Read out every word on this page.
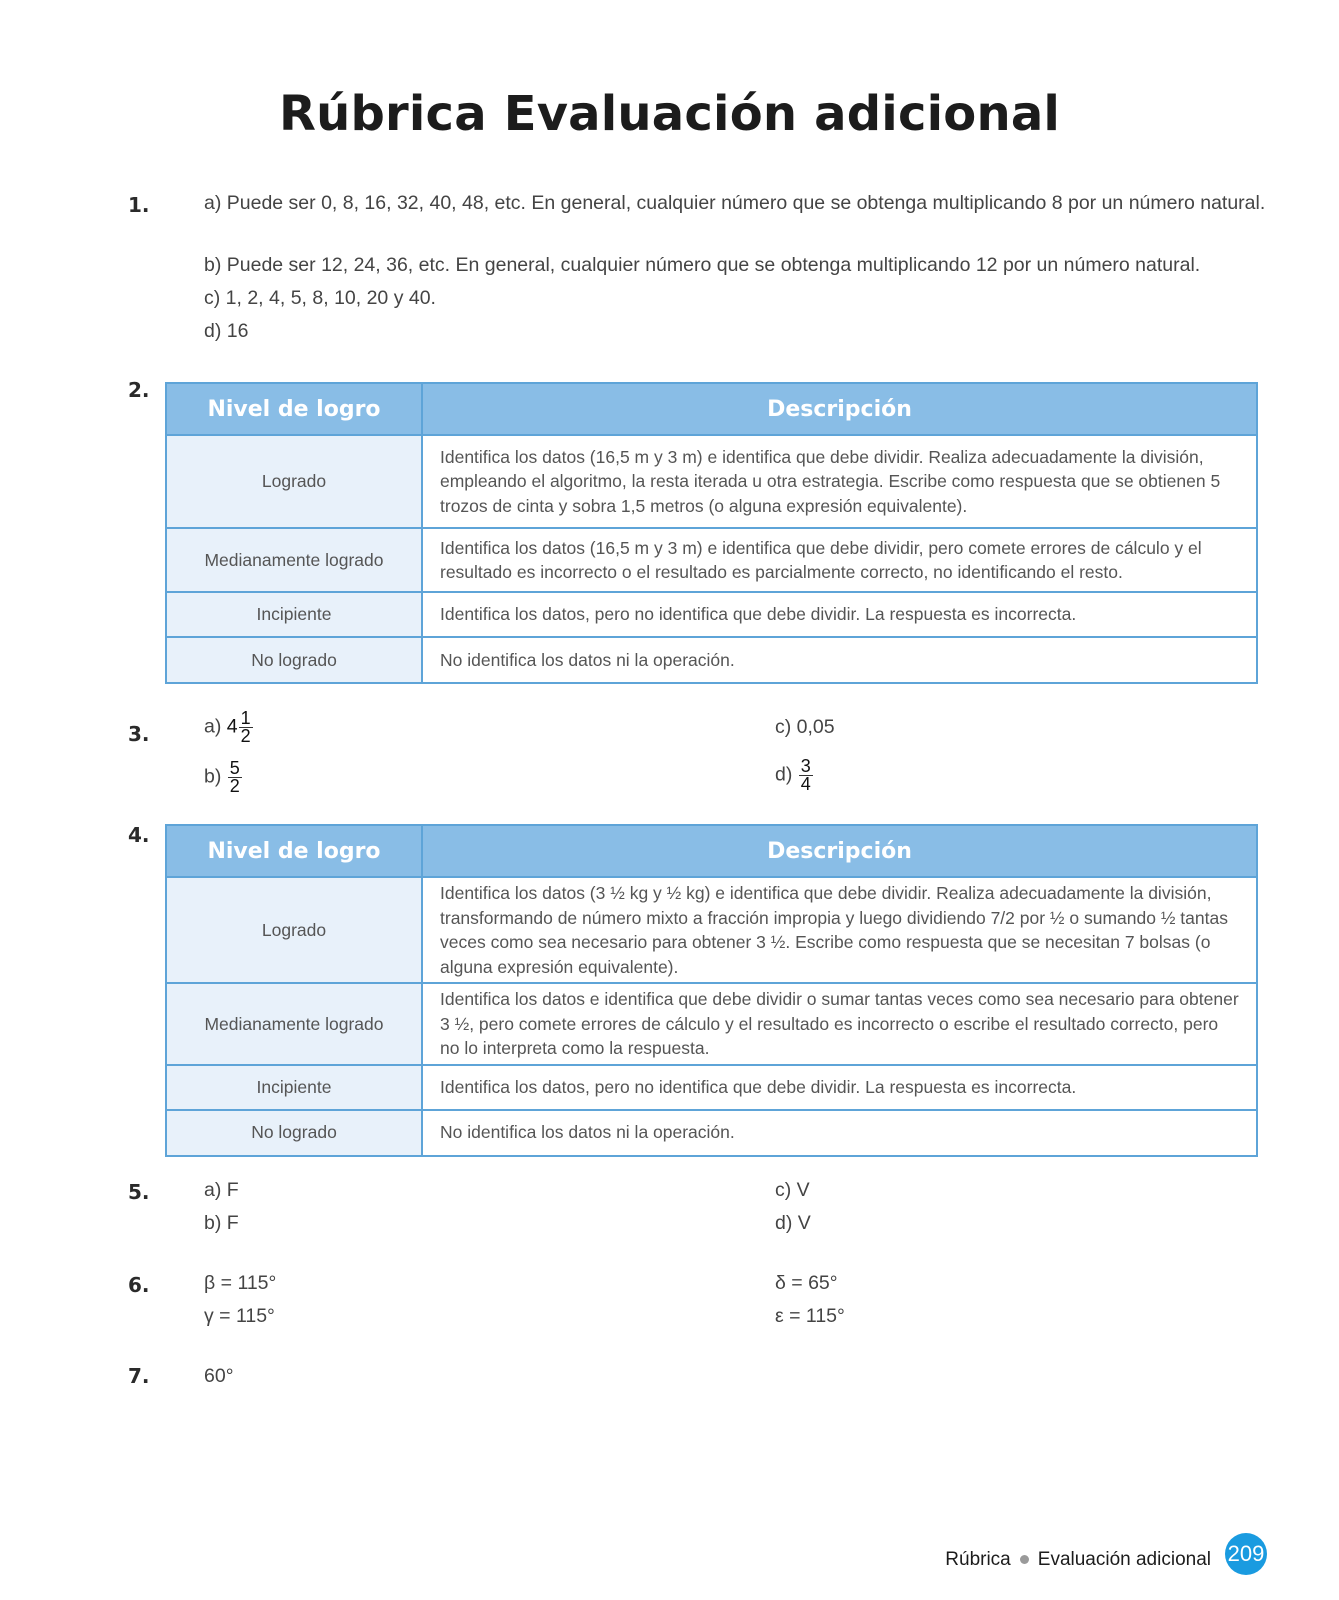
Rúbrica Evaluación adicional
1.	a) Puede ser 0, 8, 16, 32, 40, 48, etc. En general, cualquier número que se obtenga multiplicando 8 por un número natural.
b) Puede ser 12, 24, 36, etc. En general, cualquier número que se obtenga multiplicando 12 por un número natural.
c) 1, 2, 4, 5, 8, 10, 20 y 40.
d) 16
2.
Nivel de logro	Descripción
Logrado	Identifica los datos (16,5 m y 3 m) e identifica que debe dividir. Realiza adecuadamente la división, empleando el algoritmo, la resta iterada u otra estrategia. Escribe como respuesta que se obtienen 5 trozos de cinta y sobra 1,5 metros (o alguna expresión equivalente).
Medianamente logrado	Identifica los datos (16,5 m y 3 m) e identifica que debe dividir, pero comete errores de cálculo y el resultado es incorrecto o el resultado es parcialmente correcto, no identificando el resto.
Incipiente	Identifica los datos, pero no identifica que debe dividir. La respuesta es incorrecta.
No logrado	No identifica los datos ni la operación.
3.	a) $4 \frac{1}{2}$
$b) \frac{5}{2}$
c) 0,05
$d) \frac{3}{4}$
4.
Nivel de logro	Descripción
Logrado	Identifica los datos (3 ½ kg y ½ kg) e identifica que debe dividir. Realiza adecuadamente la división, transformando de número mixto a fracción impropia y luego dividiendo 7/2 por ½ o sumando ½ tantas veces como sea necesario para obtener 3 ½. Escribe como respuesta que se necesitan 7 bolsas (o alguna expresión equivalente).
Medianamente logrado	Identifica los datos e identifica que debe dividir o sumar tantas veces como sea necesario para obtener 3 ½, pero comete errores de cálculo y el resultado es incorrecto o escribe el resultado correcto, pero no lo interpreta como la respuesta.
Incipiente	Identifica los datos, pero no identifica que debe dividir. La respuesta es incorrecta.
No logrado	No identifica los datos ni la operación.
5.	a) F
b) F
c) V
d) V
6.	β = 115°
γ = 115°
δ = 65°
ε = 115°
7.	60°
Rúbrica Evaluación adicional 209
